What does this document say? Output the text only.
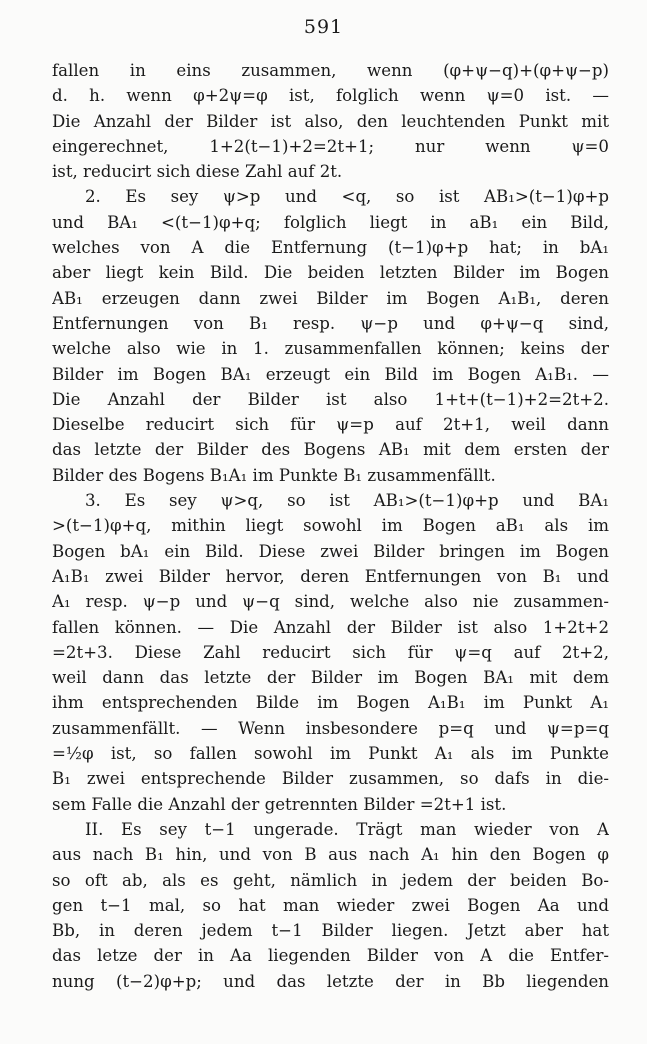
591
fallen in eins zusammen, wenn (φ+ψ−q)+(φ+ψ−p)
d. h. wenn φ+2ψ=φ ist, folglich wenn ψ=0 ist. —
Die Anzahl der Bilder ist also, den leuchtenden Punkt mit
eingerechnet, 1+2(t−1)+2=2t+1; nur wenn ψ=0
ist, reducirt sich diese Zahl auf 2t.
2. Es sey ψ>p und <q, so ist AB₁>(t−1)φ+p
und BA₁ <(t−1)φ+q; folglich liegt in aB₁ ein Bild,
welches von A die Entfernung (t−1)φ+p hat; in bA₁
aber liegt kein Bild. Die beiden letzten Bilder im Bogen
AB₁ erzeugen dann zwei Bilder im Bogen A₁B₁, deren
Entfernungen von B₁ resp. ψ−p und φ+ψ−q sind,
welche also wie in 1. zusammenfallen können; keins der
Bilder im Bogen BA₁ erzeugt ein Bild im Bogen A₁B₁. —
Die Anzahl der Bilder ist also 1+t+(t−1)+2=2t+2.
Dieselbe reducirt sich für ψ=p auf 2t+1, weil dann
das letzte der Bilder des Bogens AB₁ mit dem ersten der
Bilder des Bogens B₁A₁ im Punkte B₁ zusammenfällt.
3. Es sey ψ>q, so ist AB₁>(t−1)φ+p und BA₁
>(t−1)φ+q, mithin liegt sowohl im Bogen aB₁ als im
Bogen bA₁ ein Bild. Diese zwei Bilder bringen im Bogen
A₁B₁ zwei Bilder hervor, deren Entfernungen von B₁ und
A₁ resp. ψ−p und ψ−q sind, welche also nie zusammen-
fallen können. — Die Anzahl der Bilder ist also 1+2t+2
=2t+3. Diese Zahl reducirt sich für ψ=q auf 2t+2,
weil dann das letzte der Bilder im Bogen BA₁ mit dem
ihm entsprechenden Bilde im Bogen A₁B₁ im Punkt A₁
zusammenfällt. — Wenn insbesondere p=q und ψ=p=q
=½φ ist, so fallen sowohl im Punkt A₁ als im Punkte
B₁ zwei entsprechende Bilder zusammen, so dafs in die-
sem Falle die Anzahl der getrennten Bilder =2t+1 ist.
II. Es sey t−1 ungerade. Trägt man wieder von A
aus nach B₁ hin, und von B aus nach A₁ hin den Bogen φ
so oft ab, als es geht, nämlich in jedem der beiden Bo-
gen t−1 mal, so hat man wieder zwei Bogen Aa und
Bb, in deren jedem t−1 Bilder liegen. Jetzt aber hat
das letze der in Aa liegenden Bilder von A die Entfer-
nung (t−2)φ+p; und das letzte der in Bb liegenden
